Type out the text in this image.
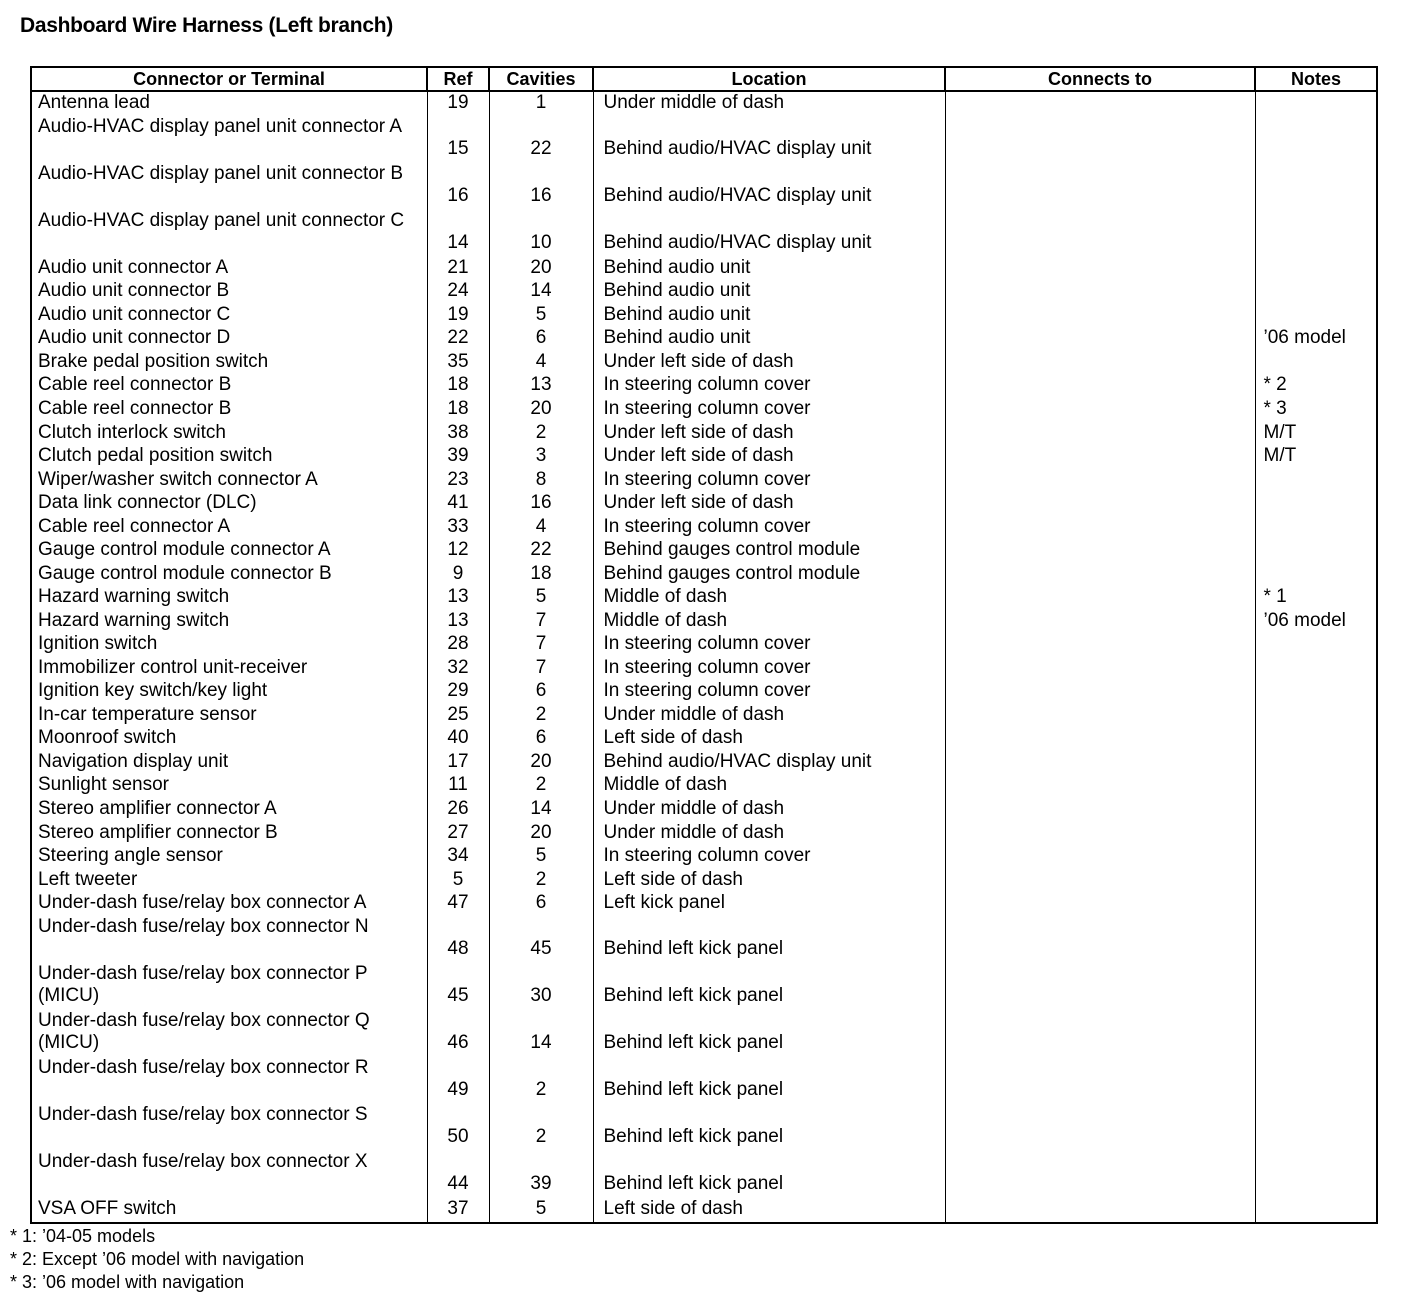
Dashboard Wire Harness (Left branch)
Connector or Terminal	Ref	Cavities	Location	Connects to	Notes
Antenna lead	19	1	Under middle of dash		
Audio-HVAC display panel unit connector A	15	22	Behind audio/HVAC display unit		
Audio-HVAC display panel unit connector B	16	16	Behind audio/HVAC display unit		
Audio-HVAC display panel unit connector C	14	10	Behind audio/HVAC display unit		
Audio unit connector A	21	20	Behind audio unit		
Audio unit connector B	24	14	Behind audio unit		
Audio unit connector C	19	5	Behind audio unit		
Audio unit connector D	22	6	Behind audio unit		’06 model
Brake pedal position switch	35	4	Under left side of dash		
Cable reel connector B	18	13	In steering column cover		* 2
Cable reel connector B	18	20	In steering column cover		* 3
Clutch interlock switch	38	2	Under left side of dash		M/T
Clutch pedal position switch	39	3	Under left side of dash		M/T
Wiper/washer switch connector A	23	8	In steering column cover		
Data link connector (DLC)	41	16	Under left side of dash		
Cable reel connector A	33	4	In steering column cover		
Gauge control module connector A	12	22	Behind gauges control module		
Gauge control module connector B	9	18	Behind gauges control module		
Hazard warning switch	13	5	Middle of dash		* 1
Hazard warning switch	13	7	Middle of dash		’06 model
Ignition switch	28	7	In steering column cover		
Immobilizer control unit-receiver	32	7	In steering column cover		
Ignition key switch/key light	29	6	In steering column cover		
In-car temperature sensor	25	2	Under middle of dash		
Moonroof switch	40	6	Left side of dash		
Navigation display unit	17	20	Behind audio/HVAC display unit		
Sunlight sensor	11	2	Middle of dash		
Stereo amplifier connector A	26	14	Under middle of dash		
Stereo amplifier connector B	27	20	Under middle of dash		
Steering angle sensor	34	5	In steering column cover		
Left tweeter	5	2	Left side of dash		
Under-dash fuse/relay box connector A	47	6	Left kick panel		
Under-dash fuse/relay box connector N	48	45	Behind left kick panel		
Under-dash fuse/relay box connector P (MICU)	45	30	Behind left kick panel		
Under-dash fuse/relay box connector Q (MICU)	46	14	Behind left kick panel		
Under-dash fuse/relay box connector R	49	2	Behind left kick panel		
Under-dash fuse/relay box connector S	50	2	Behind left kick panel		
Under-dash fuse/relay box connector X	44	39	Behind left kick panel		
VSA OFF switch	37	5	Left side of dash		
* 1: ’04-05 models
* 2: Except ’06 model with navigation
* 3: ’06 model with navigation
